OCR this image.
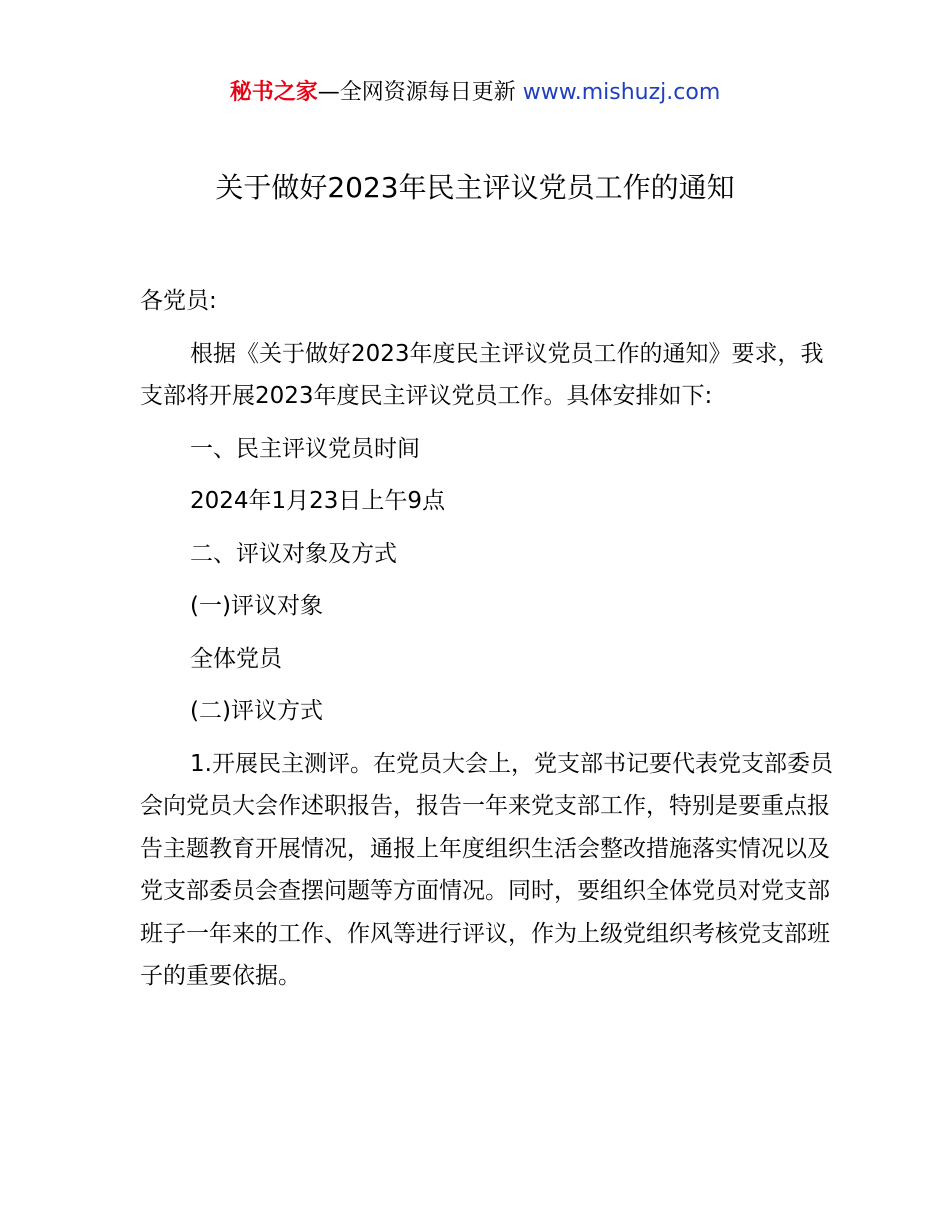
秘书之家—全网资源每日更新 www.mishuzj.com
关于做好2023年民主评议党员工作的通知

各党员:

根据《关于做好2023年度民主评议党员工作的通知》要求，我支部将开展2023年度民主评议党员工作。具体安排如下:

一、民主评议党员时间

2024年1月23日上午9点

二、评议对象及方式

(一)评议对象

全体党员

(二)评议方式

1.开展民主测评。在党员大会上，党支部书记要代表党支部委员会向党员大会作述职报告，报告一年来党支部工作，特别是要重点报告主题教育开展情况，通报上年度组织生活会整改措施落实情况以及党支部委员会查摆问题等方面情况。同时，要组织全体党员对党支部班子一年来的工作、作风等进行评议，作为上级党组织考核党支部班子的重要依据。
